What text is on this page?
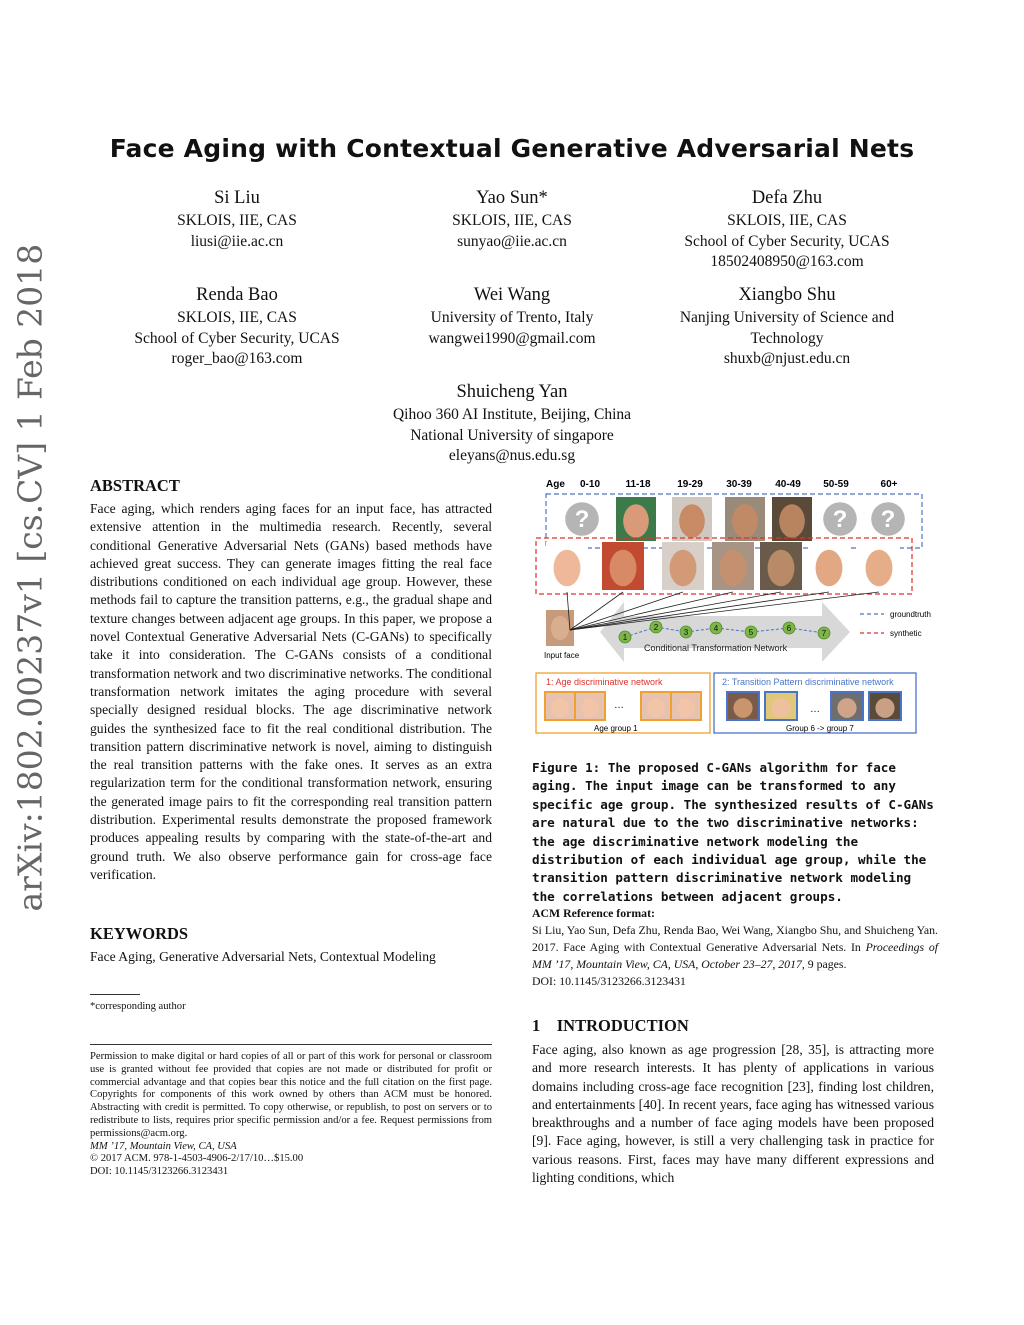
arXiv:1802.00237v1 [cs.CV] 1 Feb 2018
Face Aging with Contextual Generative Adversarial Nets
Si Liu
SKLOIS, IIE, CAS
liusi@iie.ac.cn
Yao Sun*
SKLOIS, IIE, CAS
sunyao@iie.ac.cn
Defa Zhu
SKLOIS, IIE, CAS
School of Cyber Security, UCAS
18502408950@163.com
Renda Bao
SKLOIS, IIE, CAS
School of Cyber Security, UCAS
roger_bao@163.com
Wei Wang
University of Trento, Italy
wangwei1990@gmail.com
Xiangbo Shu
Nanjing University of Science and
Technology
shuxb@njust.edu.cn
Shuicheng Yan
Qihoo 360 AI Institute, Beijing, China
National University of singapore
eleyans@nus.edu.sg
ABSTRACT
Face aging, which renders aging faces for an input face, has attracted extensive attention in the multimedia research. Recently, several conditional Generative Adversarial Nets (GANs) based methods have achieved great success. They can generate images fitting the real face distributions conditioned on each individual age group. However, these methods fail to capture the transition patterns, e.g., the gradual shape and texture changes between adjacent age groups. In this paper, we propose a novel Contextual Generative Adversarial Nets (C-GANs) to specifically take it into consideration. The C-GANs consists of a conditional transformation network and two discriminative networks. The conditional transformation network imitates the aging procedure with several specially designed residual blocks. The age discriminative network guides the synthesized face to fit the real conditional distribution. The transition pattern discriminative network is novel, aiming to distinguish the real transition patterns with the fake ones. It serves as an extra regularization term for the conditional transformation network, ensuring the generated image pairs to fit the corresponding real transition pattern distribution. Experimental results demonstrate the proposed framework produces appealing results by comparing with the state-of-the-art and ground truth. We also observe performance gain for cross-age face verification.
KEYWORDS
Face Aging, Generative Adversarial Nets, Contextual Modeling
*corresponding author
Permission to make digital or hard copies of all or part of this work for personal or classroom use is granted without fee provided that copies are not made or distributed for profit or commercial advantage and that copies bear this notice and the full citation on the first page. Copyrights for components of this work owned by others than ACM must be honored. Abstracting with credit is permitted. To copy otherwise, or republish, to post on servers or to redistribute to lists, requires prior specific permission and/or a fee. Request permissions from permissions@acm.org.
MM ’17, Mountain View, CA, USA
© 2017 ACM. 978-1-4503-4906-2/17/10…$15.00
DOI: 10.1145/3123266.3123431
Age 0-10	11-18	19-29 30-39 40-49 50-59	60+
?	? ?
Conditional Transformation Network
Input face
1
2
3	4	5	6
7
groundtruth
synthetic
1: Age discriminative network
…
Age group 1
2: Transition Pattern discriminative network
…
Group 6 -> group 7
Figure 1: The proposed C-GANs algorithm for face aging. The input image can be transformed to any specific age group. The synthesized results of C-GANs are natural due to the two discriminative networks: the age discriminative network modeling the distribution of each individual age group, while the transition pattern discriminative network modeling the correlations between adjacent groups.
ACM Reference format:
Si Liu, Yao Sun, Defa Zhu, Renda Bao, Wei Wang, Xiangbo Shu, and Shuicheng Yan. 2017. Face Aging with Contextual Generative Adversarial Nets. In Proceedings of MM ’17, Mountain View, CA, USA, October 23–27, 2017, 9 pages.
DOI: 10.1145/3123266.3123431
1    INTRODUCTION
Face aging, also known as age progression [28, 35], is attracting more and more research interests. It has plenty of applications in various domains including cross-age face recognition [23], finding lost children, and entertainments [40]. In recent years, face aging has witnessed various breakthroughs and a number of face aging models have been proposed [9]. Face aging, however, is still a very challenging task in practice for various reasons. First, faces may have many different expressions and lighting conditions, which
